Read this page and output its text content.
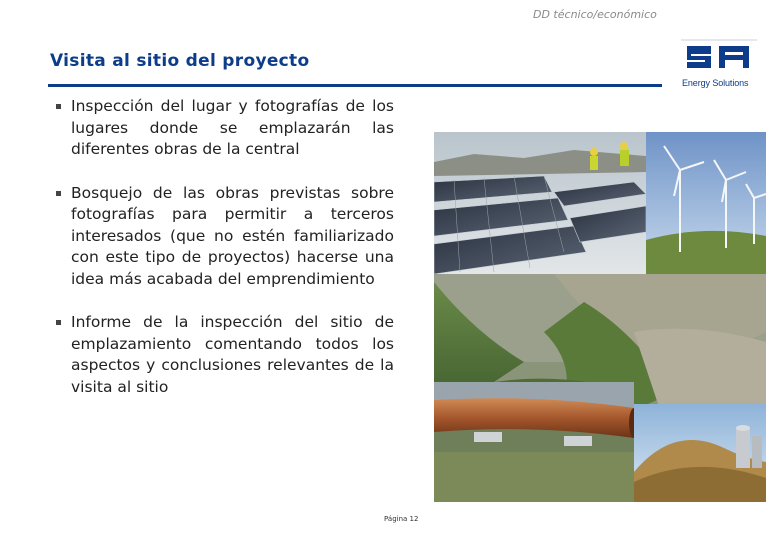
DD técnico/económico
Visita al sitio del proyecto
Energy Solutions
Inspección del lugar y fotografías de los lugares donde se emplazarán las diferentes obras de la central
Bosquejo de las obras previstas sobre fotografías para permitir a terceros interesados (que no estén familiarizado con este tipo de proyectos) hacerse una idea más acabada del emprendimiento
Informe de la inspección del sitio de emplazamiento comentando todos los aspectos y conclusiones relevantes de la visita al sitio
Página 12
